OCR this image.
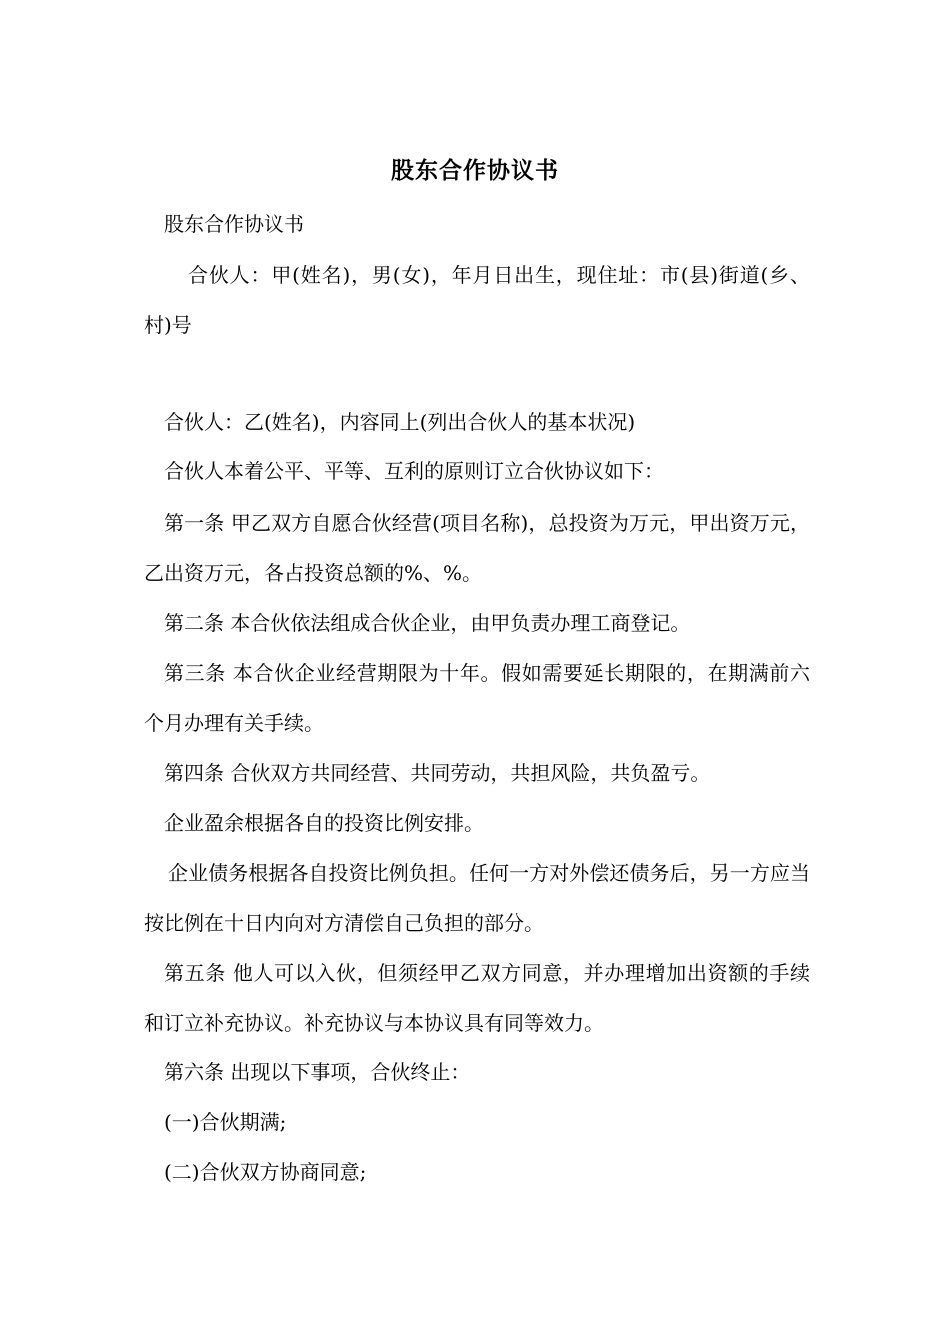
股东合作协议书
股东合作协议书
合伙人：甲(姓名)，男(女)，年月日出生，现住址：市(县)街道(乡、村)号
合伙人：乙(姓名)，内容同上(列出合伙人的基本状况)
合伙人本着公平、平等、互利的原则订立合伙协议如下：
第一条 甲乙双方自愿合伙经营(项目名称)，总投资为万元，甲出资万元，乙出资万元，各占投资总额的%、%。
第二条 本合伙依法组成合伙企业，由甲负责办理工商登记。
第三条 本合伙企业经营期限为十年。假如需要延长期限的，在期满前六个月办理有关手续。
第四条 合伙双方共同经营、共同劳动，共担风险，共负盈亏。
企业盈余根据各自的投资比例安排。
企业债务根据各自投资比例负担。任何一方对外偿还债务后，另一方应当按比例在十日内向对方清偿自己负担的部分。
第五条 他人可以入伙，但须经甲乙双方同意，并办理增加出资额的手续和订立补充协议。补充协议与本协议具有同等效力。
第六条 出现以下事项，合伙终止：
(一)合伙期满;
(二)合伙双方协商同意;
